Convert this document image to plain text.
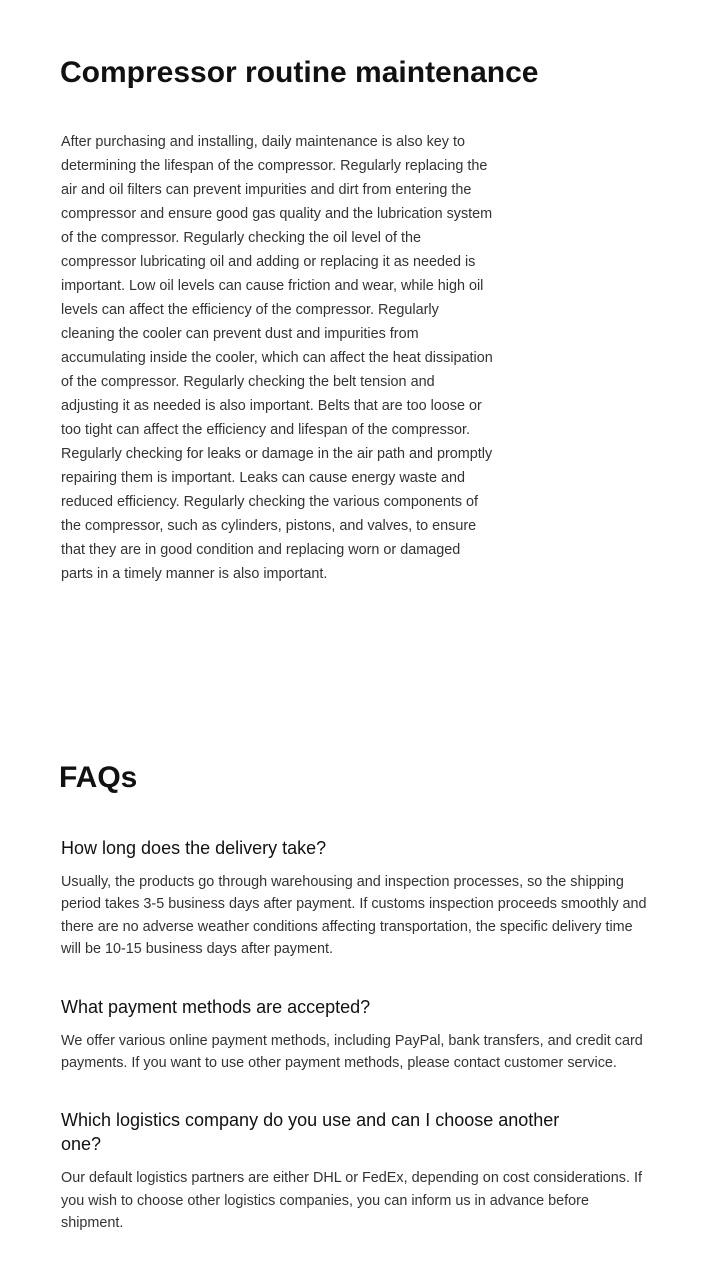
Compressor routine maintenance

After purchasing and installing, daily maintenance is also key to determining the lifespan of the compressor. Regularly replacing the air and oil filters can prevent impurities and dirt from entering the compressor and ensure good gas quality and the lubrication system of the compressor. Regularly checking the oil level of the compressor lubricating oil and adding or replacing it as needed is important. Low oil levels can cause friction and wear, while high oil levels can affect the efficiency of the compressor. Regularly cleaning the cooler can prevent dust and impurities from accumulating inside the cooler, which can affect the heat dissipation of the compressor. Regularly checking the belt tension and adjusting it as needed is also important. Belts that are too loose or too tight can affect the efficiency and lifespan of the compressor. Regularly checking for leaks or damage in the air path and promptly repairing them is important. Leaks can cause energy waste and reduced efficiency. Regularly checking the various components of the compressor, such as cylinders, pistons, and valves, to ensure that they are in good condition and replacing worn or damaged parts in a timely manner is also important.

FAQs
How long does the delivery take?

Usually, the products go through warehousing and inspection processes, so the shipping period takes 3-5 business days after payment. If customs inspection proceeds smoothly and there are no adverse weather conditions affecting transportation, the specific delivery time will be 10-15 business days after payment.

What payment methods are accepted?

We offer various online payment methods, including PayPal, bank transfers, and credit card payments. If you want to use other payment methods, please contact customer service.

Which logistics company do you use and can I choose another one?

Our default logistics partners are either DHL or FedEx, depending on cost considerations. If you wish to choose other logistics companies, you can inform us in advance before shipment.
